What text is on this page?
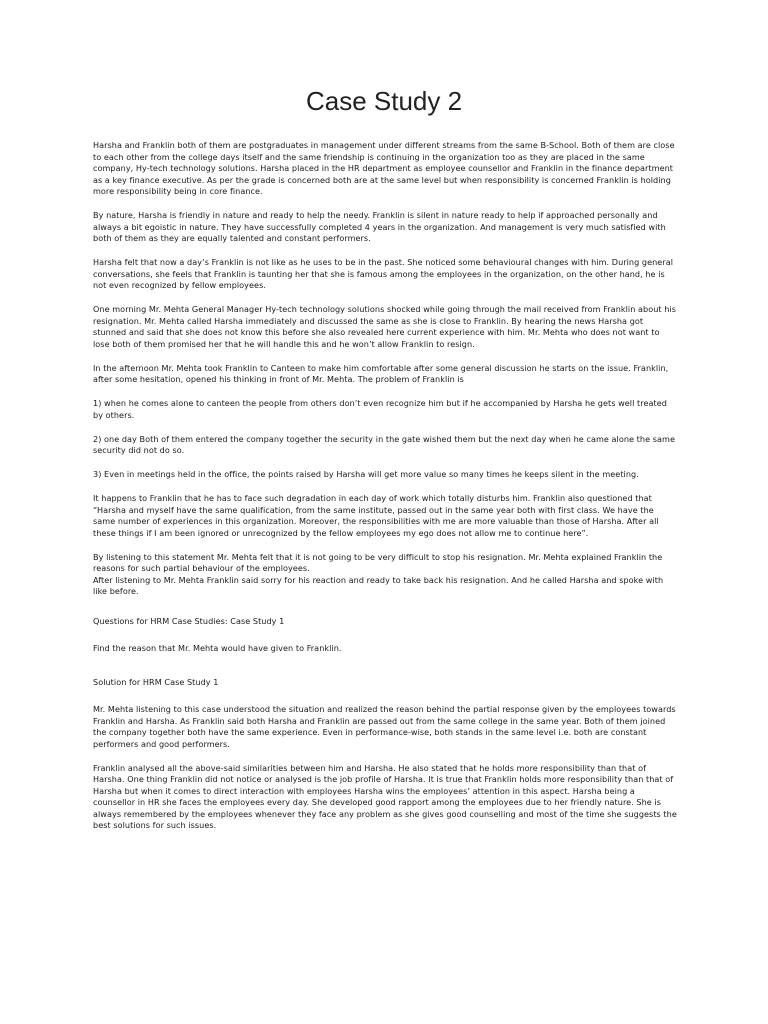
Case Study 2

Harsha and Franklin both of them are postgraduates in management under different streams from the same B-School. Both of them are close to each other from the college days itself and the same friendship is continuing in the organization too as they are placed in the same company, Hy-tech technology solutions. Harsha placed in the HR department as employee counsellor and Franklin in the finance department as a key finance executive. As per the grade is concerned both are at the same level but when responsibility is concerned Franklin is holding more responsibility being in core finance.

By nature, Harsha is friendly in nature and ready to help the needy. Franklin is silent in nature ready to help if approached personally and always a bit egoistic in nature. They have successfully completed 4 years in the organization. And management is very much satisfied with both of them as they are equally talented and constant performers.

Harsha felt that now a day’s Franklin is not like as he uses to be in the past. She noticed some behavioural changes with him. During general conversations, she feels that Franklin is taunting her that she is famous among the employees in the organization, on the other hand, he is not even recognized by fellow employees.

One morning Mr. Mehta General Manager Hy-tech technology solutions shocked while going through the mail received from Franklin about his resignation. Mr. Mehta called Harsha immediately and discussed the same as she is close to Franklin. By hearing the news Harsha got stunned and said that she does not know this before she also revealed here current experience with him. Mr. Mehta who does not want to lose both of them promised her that he will handle this and he won’t allow Franklin to resign.

In the afternoon Mr. Mehta took Franklin to Canteen to make him comfortable after some general discussion he starts on the issue. Franklin, after some hesitation, opened his thinking in front of Mr. Mehta. The problem of Franklin is

1) when he comes alone to canteen the people from others don’t even recognize him but if he accompanied by Harsha he gets well treated by others.

2) one day Both of them entered the company together the security in the gate wished them but the next day when he came alone the same security did not do so.

3) Even in meetings held in the office, the points raised by Harsha will get more value so many times he keeps silent in the meeting.

It happens to Franklin that he has to face such degradation in each day of work which totally disturbs him. Franklin also questioned that “Harsha and myself have the same qualification, from the same institute, passed out in the same year both with first class. We have the same number of experiences in this organization. Moreover, the responsibilities with me are more valuable than those of Harsha. After all these things if I am been ignored or unrecognized by the fellow employees my ego does not allow me to continue here”.

By listening to this statement Mr. Mehta felt that it is not going to be very difficult to stop his resignation. Mr. Mehta explained Franklin the reasons for such partial behaviour of the employees.
After listening to Mr. Mehta Franklin said sorry for his reaction and ready to take back his resignation. And he called Harsha and spoke with like before.

Questions for HRM Case Studies: Case Study 1

Find the reason that Mr. Mehta would have given to Franklin.

Solution for HRM Case Study 1

Mr. Mehta listening to this case understood the situation and realized the reason behind the partial response given by the employees towards Franklin and Harsha. As Franklin said both Harsha and Franklin are passed out from the same college in the same year. Both of them joined the company together both have the same experience. Even in performance-wise, both stands in the same level i.e. both are constant performers and good performers.

Franklin analysed all the above-said similarities between him and Harsha. He also stated that he holds more responsibility than that of Harsha. One thing Franklin did not notice or analysed is the job profile of Harsha. It is true that Franklin holds more responsibility than that of Harsha but when it comes to direct interaction with employees Harsha wins the employees’ attention in this aspect. Harsha being a counsellor in HR she faces the employees every day. She developed good rapport among the employees due to her friendly nature. She is always remembered by the employees whenever they face any problem as she gives good counselling and most of the time she suggests the best solutions for such issues.
